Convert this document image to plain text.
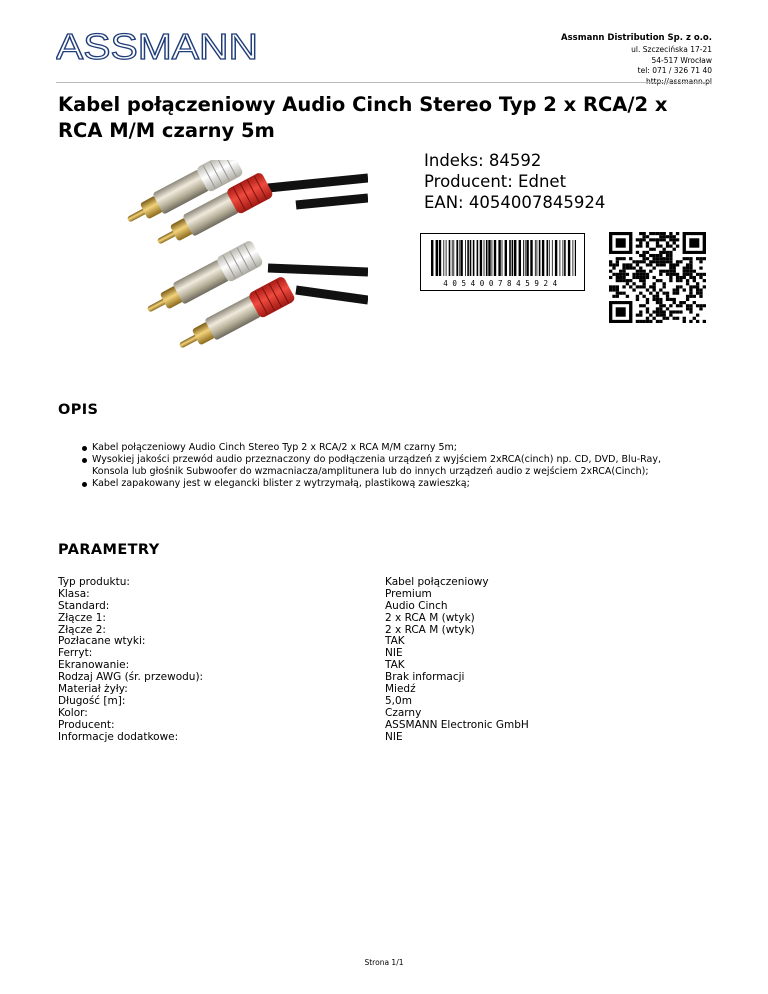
ASSMANN	Assmann Distribution Sp. z o.o.
ul. Szczecińska 17-21
54-517 Wrocław
tel: 071 / 326 71 40
http://assmann.pl
Kabel połączeniowy Audio Cinch Stereo Typ 2 x RCA/2 x RCA M/M czarny 5m
Indeks: 84592
Producent: Ednet
EAN: 4054007845924
4054007845924
OPIS
Kabel połączeniowy Audio Cinch Stereo Typ 2 x RCA/2 x RCA M/M czarny 5m;
Wysokiej jakości przewód audio przeznaczony do podłączenia urządzeń z wyjściem 2xRCA(cinch) np. CD, DVD, Blu-Ray, Konsola lub głośnik Subwoofer do wzmacniacza/amplitunera lub do innych urządzeń audio z wejściem 2xRCA(Cinch);
Kabel zapakowany jest w eleganckі blister z wytrzymałą, plastikową zawieszką;
PARAMETRY
Typ produktu:	Kabel połączeniowy
Klasa:	Premium
Standard:	Audio Cinch
Złącze 1:	2 x RCA M (wtyk)
Złącze 2:	2 x RCA M (wtyk)
Pozłacane wtyki:	TAK
Ferryt:	NIE
Ekranowanie:	TAK
Rodzaj AWG (śr. przewodu):	Brak informacji
Materiał żyły:	Miedź
Długość [m]:	5,0m
Kolor:	Czarny
Producent:	ASSMANN Electronic GmbH
Informacje dodatkowe:	NIE
Strona 1/1
